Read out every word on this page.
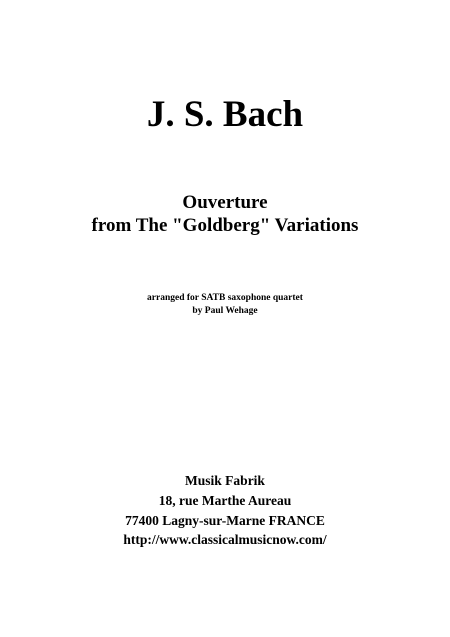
J. S. Bach
Ouverture
from The "Goldberg" Variations
arranged for SATB saxophone quartet
by Paul Wehage
Musik Fabrik
18, rue Marthe Aureau
77400 Lagny-sur-Marne FRANCE
http://www.classicalmusicnow.com/
